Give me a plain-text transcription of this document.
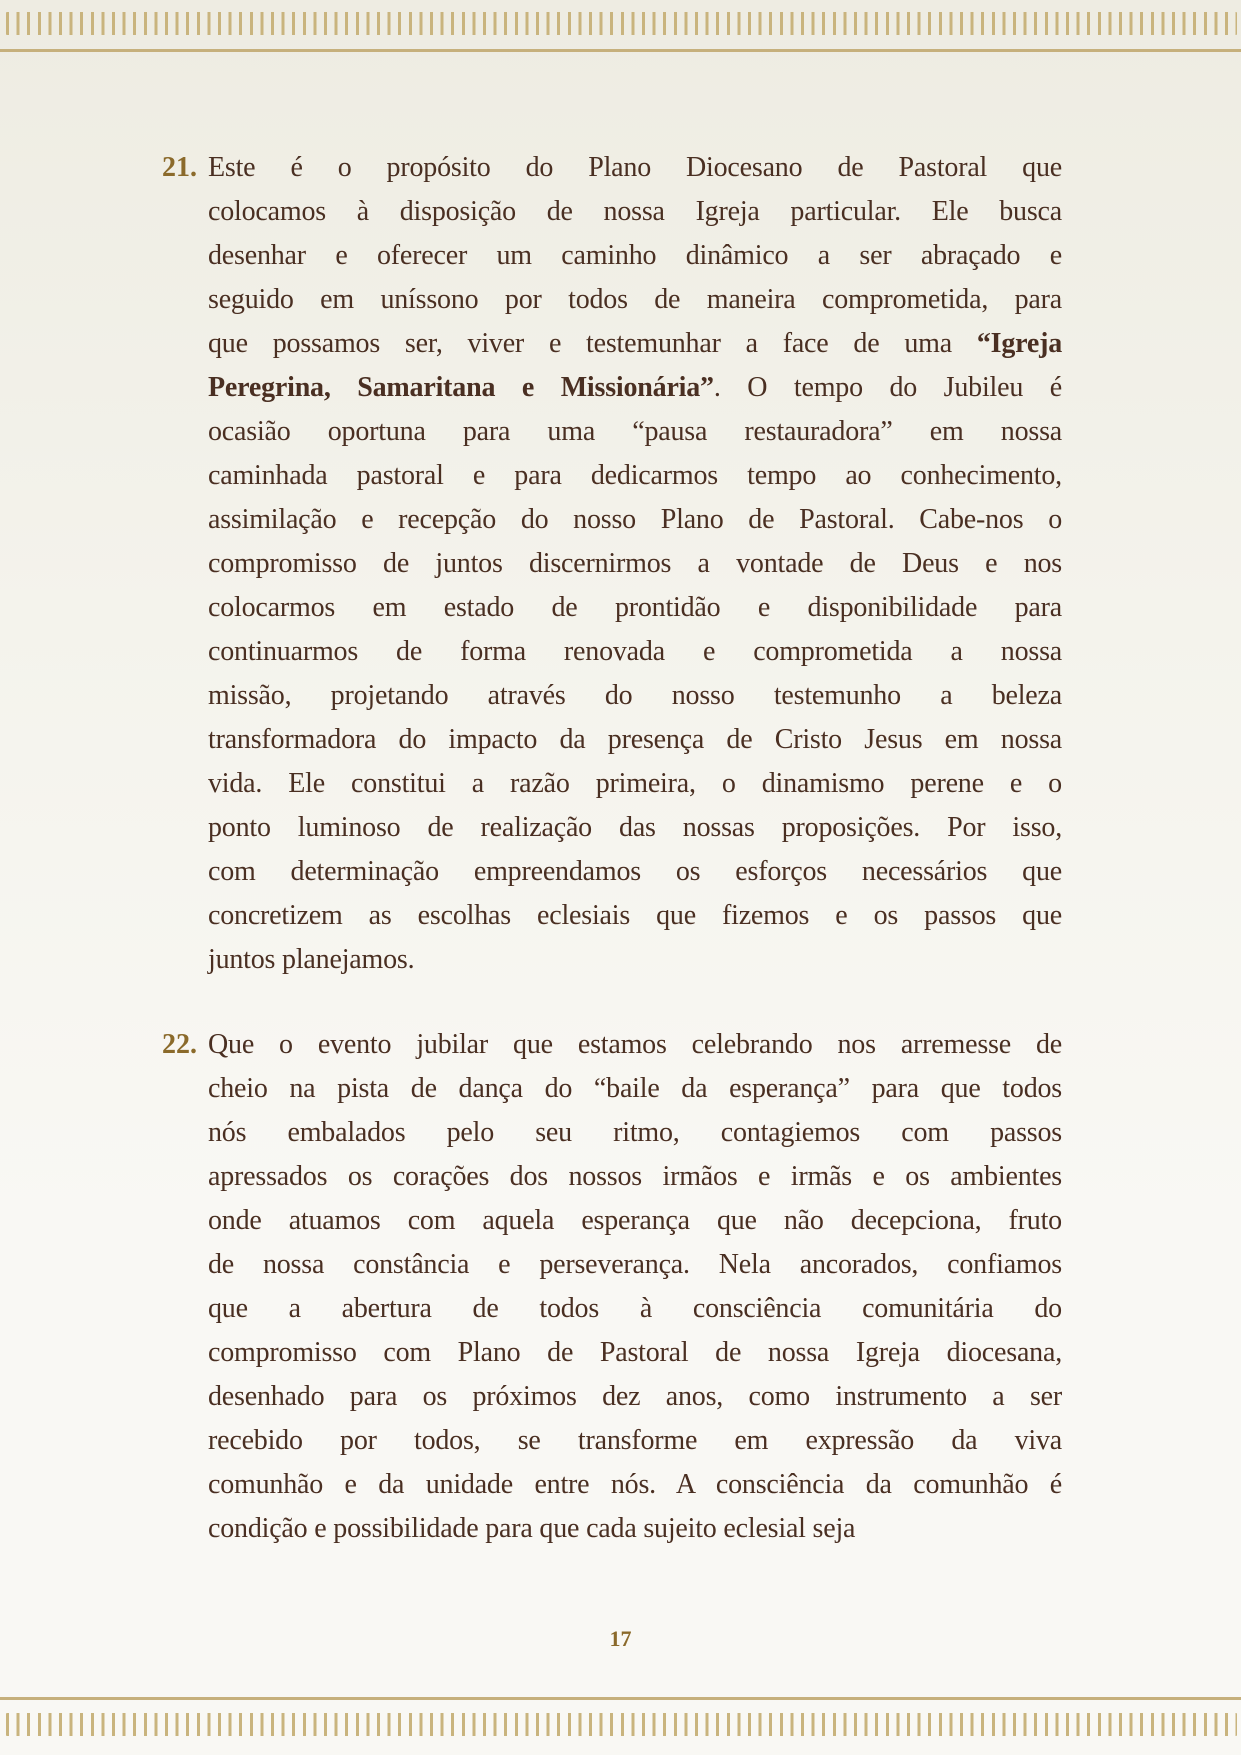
21. Este é o propósito do Plano Diocesano de Pastoral que
colocamos à disposição de nossa Igreja particular. Ele busca
desenhar e oferecer um caminho dinâmico a ser abraçado e
seguido em uníssono por todos de maneira comprometida, para
que possamos ser, viver e testemunhar a face de uma “Igreja
Peregrina, Samaritana e Missionária”. O tempo do Jubileu é
ocasião oportuna para uma “pausa restauradora” em nossa
caminhada pastoral e para dedicarmos tempo ao conhecimento,
assimilação e recepção do nosso Plano de Pastoral. Cabe-nos o
compromisso de juntos discernirmos a vontade de Deus e nos
colocarmos em estado de prontidão e disponibilidade para
continuarmos de forma renovada e comprometida a nossa
missão, projetando através do nosso testemunho a beleza
transformadora do impacto da presença de Cristo Jesus em nossa
vida. Ele constitui a razão primeira, o dinamismo perene e o
ponto luminoso de realização das nossas proposições. Por isso,
com determinação empreendamos os esforços necessários que
concretizem as escolhas eclesiais que fizemos e os passos que
juntos planejamos.
22. Que o evento jubilar que estamos celebrando nos arremesse de
cheio na pista de dança do “baile da esperança” para que todos
nós embalados pelo seu ritmo, contagiemos com passos
apressados os corações dos nossos irmãos e irmãs e os ambientes
onde atuamos com aquela esperança que não decepciona, fruto
de nossa constância e perseverança. Nela ancorados, confiamos
que a abertura de todos à consciência comunitária do
compromisso com Plano de Pastoral de nossa Igreja diocesana,
desenhado para os próximos dez anos, como instrumento a ser
recebido por todos, se transforme em expressão da viva
comunhão e da unidade entre nós. A consciência da comunhão é
condição e possibilidade para que cada sujeito eclesial seja
17
